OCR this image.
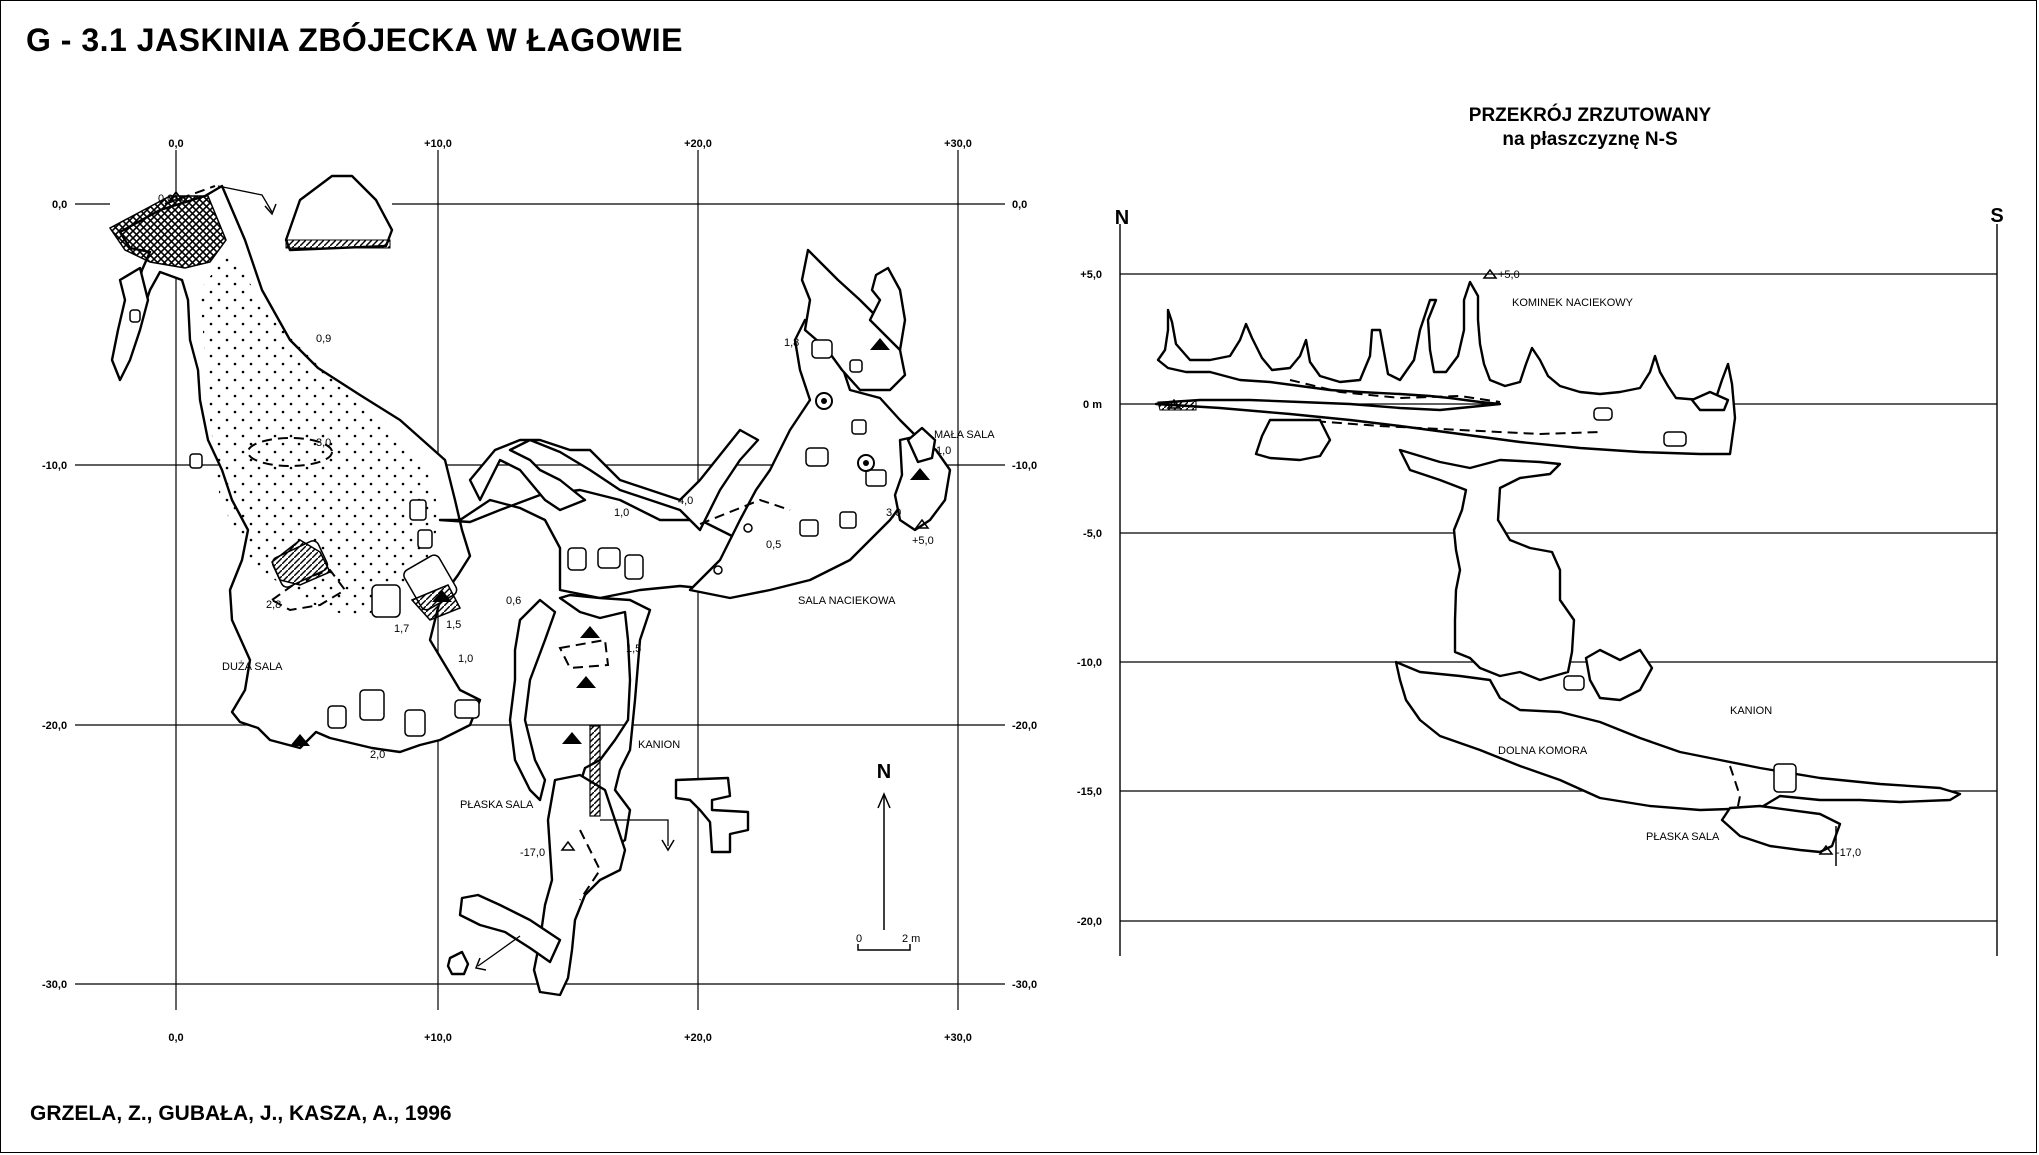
G - 3.1 JASKINIA ZBÓJECKA W ŁAGOWIE
GRZELA, Z., GUBAŁA, J., KASZA, A., 1996
PRZEKRÓJ ZRZUTOWANY
na płaszczyznę N-S
0,0	+10,0	+20,0	+30,0
0,0	+10,0	+20,0	+30,0
0,0
-10,0
-20,0
-30,0
0,0
-10,0
-20,0
-30,0
DUŻA SALA
SALA NACIEKOWA
MAŁA SALA
KANION
PŁASKA SALA
0,0
0,9
3,0
2,8
1,7	1,5
1,0
0,6
1,5
2,0
1,0
4,0
0,5
1,8
1,0
3,0
+5,0
-17,0
N
0	2 m
N	S
+5,0
0 m
-5,0
-10,0
-15,0
-20,0
+5,0
-17,0
KOMINEK NACIEKOWY
KANION
DOLNA KOMORA
PŁASKA SALA
